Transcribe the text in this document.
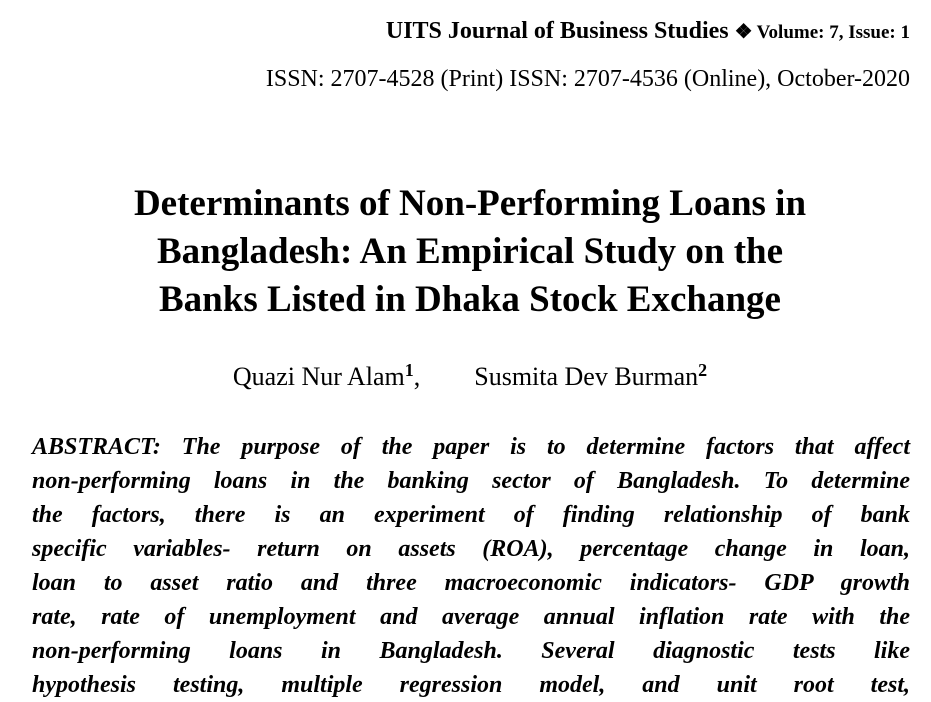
UITS Journal of Business Studies ❖ Volume: 7, Issue: 1
ISSN: 2707-4528 (Print) ISSN: 2707-4536 (Online), October-2020
Determinants of Non-Performing Loans in
Bangladesh: An Empirical Study on the
Banks Listed in Dhaka Stock Exchange
Quazi Nur Alam$^1$, Susmita Dev Burman$^2$
ABSTRACT: The purpose of the paper is to determine factors that affect
non-performing loans in the banking sector of Bangladesh. To determine
the factors, there is an experiment of finding relationship of bank
specific variables- return on assets (ROA), percentage change in loan,
loan to asset ratio and three macroeconomic indicators- GDP growth
rate, rate of unemployment and average annual inflation rate with the
non-performing loans in Bangladesh. Several diagnostic tests like
hypothesis testing, multiple regression model, and unit root test,
